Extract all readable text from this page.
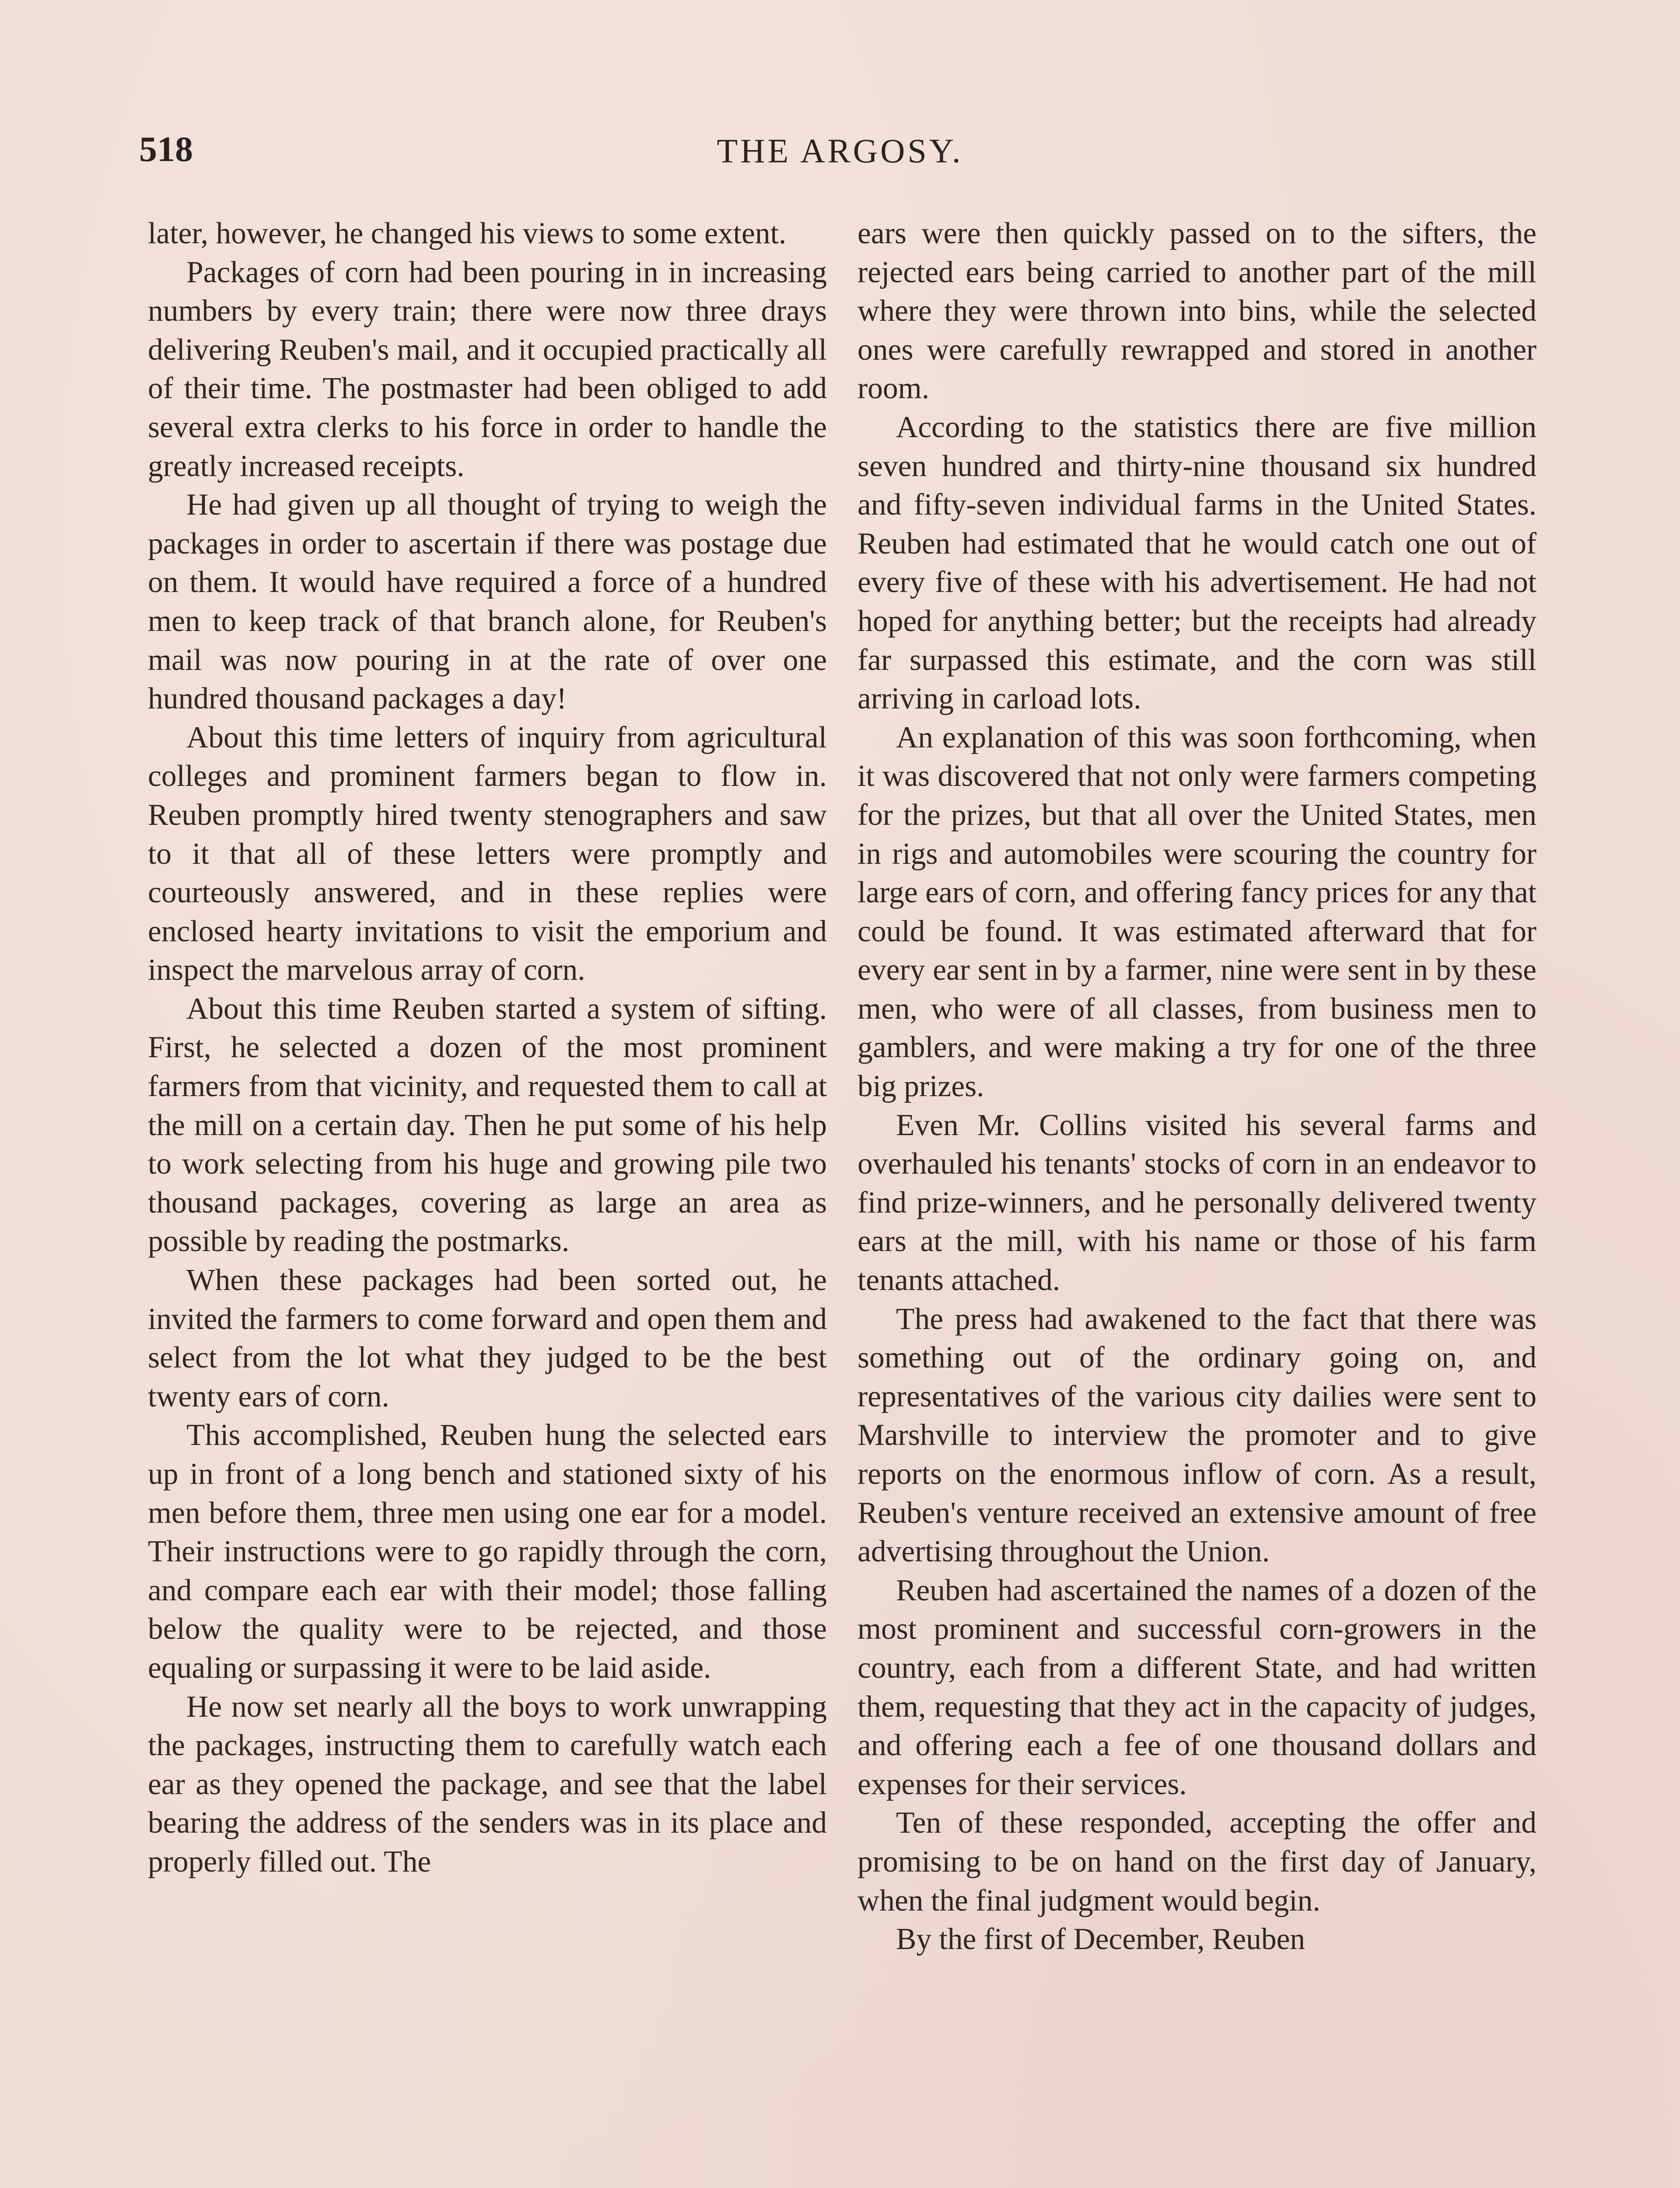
518	THE ARGOSY.

later, however, he changed his views to some extent.

Packages of corn had been pouring in in increasing numbers by every train; there were now three drays delivering Reuben's mail, and it occupied practically all of their time. The postmaster had been obliged to add several extra clerks to his force in order to handle the greatly increased receipts.

He had given up all thought of trying to weigh the packages in order to ascertain if there was postage due on them. It would have required a force of a hundred men to keep track of that branch alone, for Reuben's mail was now pouring in at the rate of over one hundred thousand packages a day!

About this time letters of inquiry from agricultural colleges and prominent farmers began to flow in. Reuben promptly hired twenty stenographers and saw to it that all of these letters were promptly and courteously answered, and in these replies were enclosed hearty invitations to visit the emporium and inspect the marvelous array of corn.

About this time Reuben started a system of sifting. First, he selected a dozen of the most prominent farmers from that vicinity, and requested them to call at the mill on a certain day. Then he put some of his help to work selecting from his huge and growing pile two thousand packages, covering as large an area as possible by reading the postmarks.

When these packages had been sorted out, he invited the farmers to come forward and open them and select from the lot what they judged to be the best twenty ears of corn.

This accomplished, Reuben hung the selected ears up in front of a long bench and stationed sixty of his men before them, three men using one ear for a model. Their instructions were to go rapidly through the corn, and compare each ear with their model; those falling below the quality were to be rejected, and those equaling or surpassing it were to be laid aside.

He now set nearly all the boys to work unwrapping the packages, instructing them to carefully watch each ear as they opened the package, and see that the label bearing the address of the senders was in its place and properly filled out. The

ears were then quickly passed on to the sifters, the rejected ears being carried to another part of the mill where they were thrown into bins, while the selected ones were carefully rewrapped and stored in another room.

According to the statistics there are five million seven hundred and thirty-nine thousand six hundred and fifty-seven individual farms in the United States. Reuben had estimated that he would catch one out of every five of these with his advertisement. He had not hoped for anything better; but the receipts had already far surpassed this estimate, and the corn was still arriving in carload lots.

An explanation of this was soon forthcoming, when it was discovered that not only were farmers competing for the prizes, but that all over the United States, men in rigs and automobiles were scouring the country for large ears of corn, and offering fancy prices for any that could be found. It was estimated afterward that for every ear sent in by a farmer, nine were sent in by these men, who were of all classes, from business men to gamblers, and were making a try for one of the three big prizes.

Even Mr. Collins visited his several farms and overhauled his tenants' stocks of corn in an endeavor to find prize-winners, and he personally delivered twenty ears at the mill, with his name or those of his farm tenants attached.

The press had awakened to the fact that there was something out of the ordinary going on, and representatives of the various city dailies were sent to Marshville to interview the promoter and to give reports on the enormous inflow of corn. As a result, Reuben's venture received an extensive amount of free advertising throughout the Union.

Reuben had ascertained the names of a dozen of the most prominent and successful corn-growers in the country, each from a different State, and had written them, requesting that they act in the capacity of judges, and offering each a fee of one thousand dollars and expenses for their services.

Ten of these responded, accepting the offer and promising to be on hand on the first day of January, when the final judgment would begin.

By the first of December, Reuben
